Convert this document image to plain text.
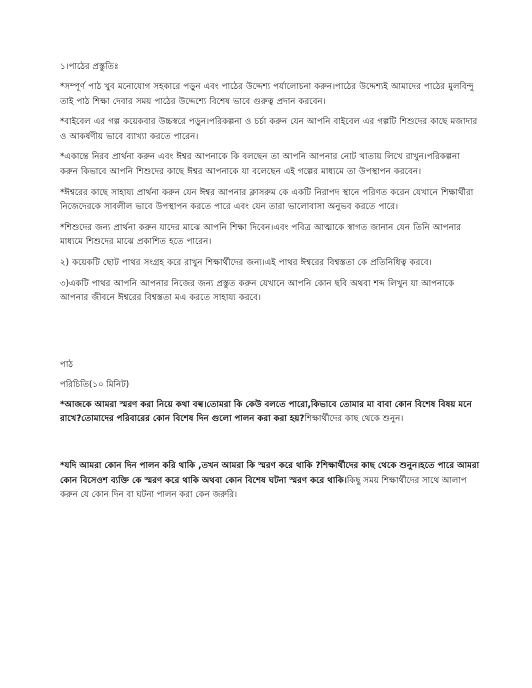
১।পাঠের প্রস্তুতিঃ

*সম্পূর্ণ পাঠ খুব মনোযোগ সহকারে পড়ুন এবং পাঠের উদ্দেশ্য পর্যালোচনা করুন।পাঠের উদ্দেশ্যই আমাদের পাঠের মুলবিন্দু তাই পাঠ শিক্ষা দেবার সময় পাঠের উদ্দেশ্যে বিশেষ ভাবে গুরুত্ব প্রদান করবেন।

*বাইবেল এর গল্প কয়েকবার উচ্চস্বরে পড়ুন।পরিকল্পনা ও চর্চা করুন যেন আপনি বাইবেল এর গল্পটি শিশুদের কাছে মজাদার ও আকর্ষণীয় ভাবে ব্যাখ্যা করতে পারেন।

*একান্তে নিরব প্রার্থনা করুন এবং ঈশ্বর আপনাকে কি বলছেন তা আপনি আপনার নোট খাতায় লিখে রাখুন।পরিকল্পনা করুন কিভাবে আপনি শিশুদের কাছে ঈশ্বর আপনাকে যা বলেছেন এই গল্পের মাধ্যমে তা উপস্থাপন করবেন।

*ঈশ্বরের কাছে সাহায্য প্রার্থনা করুন যেন ঈশ্বর আপনার ক্লাসরুম কে একটি নিরাপদ স্থানে পরিণত করেন যেখানে শিক্ষার্থীরা নিজেদেরকে সাবলীল ভাবে উপস্থাপন করতে পারে এবং যেন তারা ভালোবাসা অনুভব করতে পারে।

*শিশুদের জন্য প্রার্থনা করুন যাদের মাঝে আপনি শিক্ষা দিবেন।এবং পবিত্র আত্মাকে স্বাগত জানান যেন তিনি আপনার মাধ্যমে শিশুদের মাঝে প্রকাশিত হতে পারেন।

২) কয়েকটি ছোট পাথর সংগ্রহ করে রাখুন শিক্ষার্থীদের জন্য।এই পাথর ঈশ্বরের বিশ্বস্ততা কে প্রতিনিধিত্ব করবে।

৩)একটি পাথর আপনি আপনার নিজের জন্য প্রস্তুত করুন যেখানে আপনি কোন ছবি অথবা শব্দ লিখুন যা আপনাকে আপনার জীবনে ঈশ্বরের বিশ্বস্ততা মএ করতে সাহায্য করবে।

পাঠ
পরিচিতি(১০ মিনিট)

*আজকে আমরা স্মরণ করা নিয়ে কথা বল্ব।তোমরা কি কেউ বলতে পারো,কিভাবে তোমার মা বাবা কোন বিশেষ বিষয় মনে রাখে?তোমাদের পরিবারের কোন বিশেষ দিন গুলো পালন করা করা হয়?শিক্ষার্থীদের কাছ থেকে শুনুন।

*যদি আমরা কোন দিন পালন করি থাকি ,তখন আমরা কি স্মরণ করে থাকি ?শিক্ষার্থীদের কাছ থেকে শুনুন।হতে পারে আমরা কোন বিসেওশ ব্যক্তি কে স্মরণ করে থাকি অথবা কোন বিশেষ ঘটনা স্মরণ করে থাকি।কিছু সময় শিক্ষার্থীদের সাথে আলাপ করুন যে কোন দিন বা ঘটনা পালন করা কেন জরুরি।
